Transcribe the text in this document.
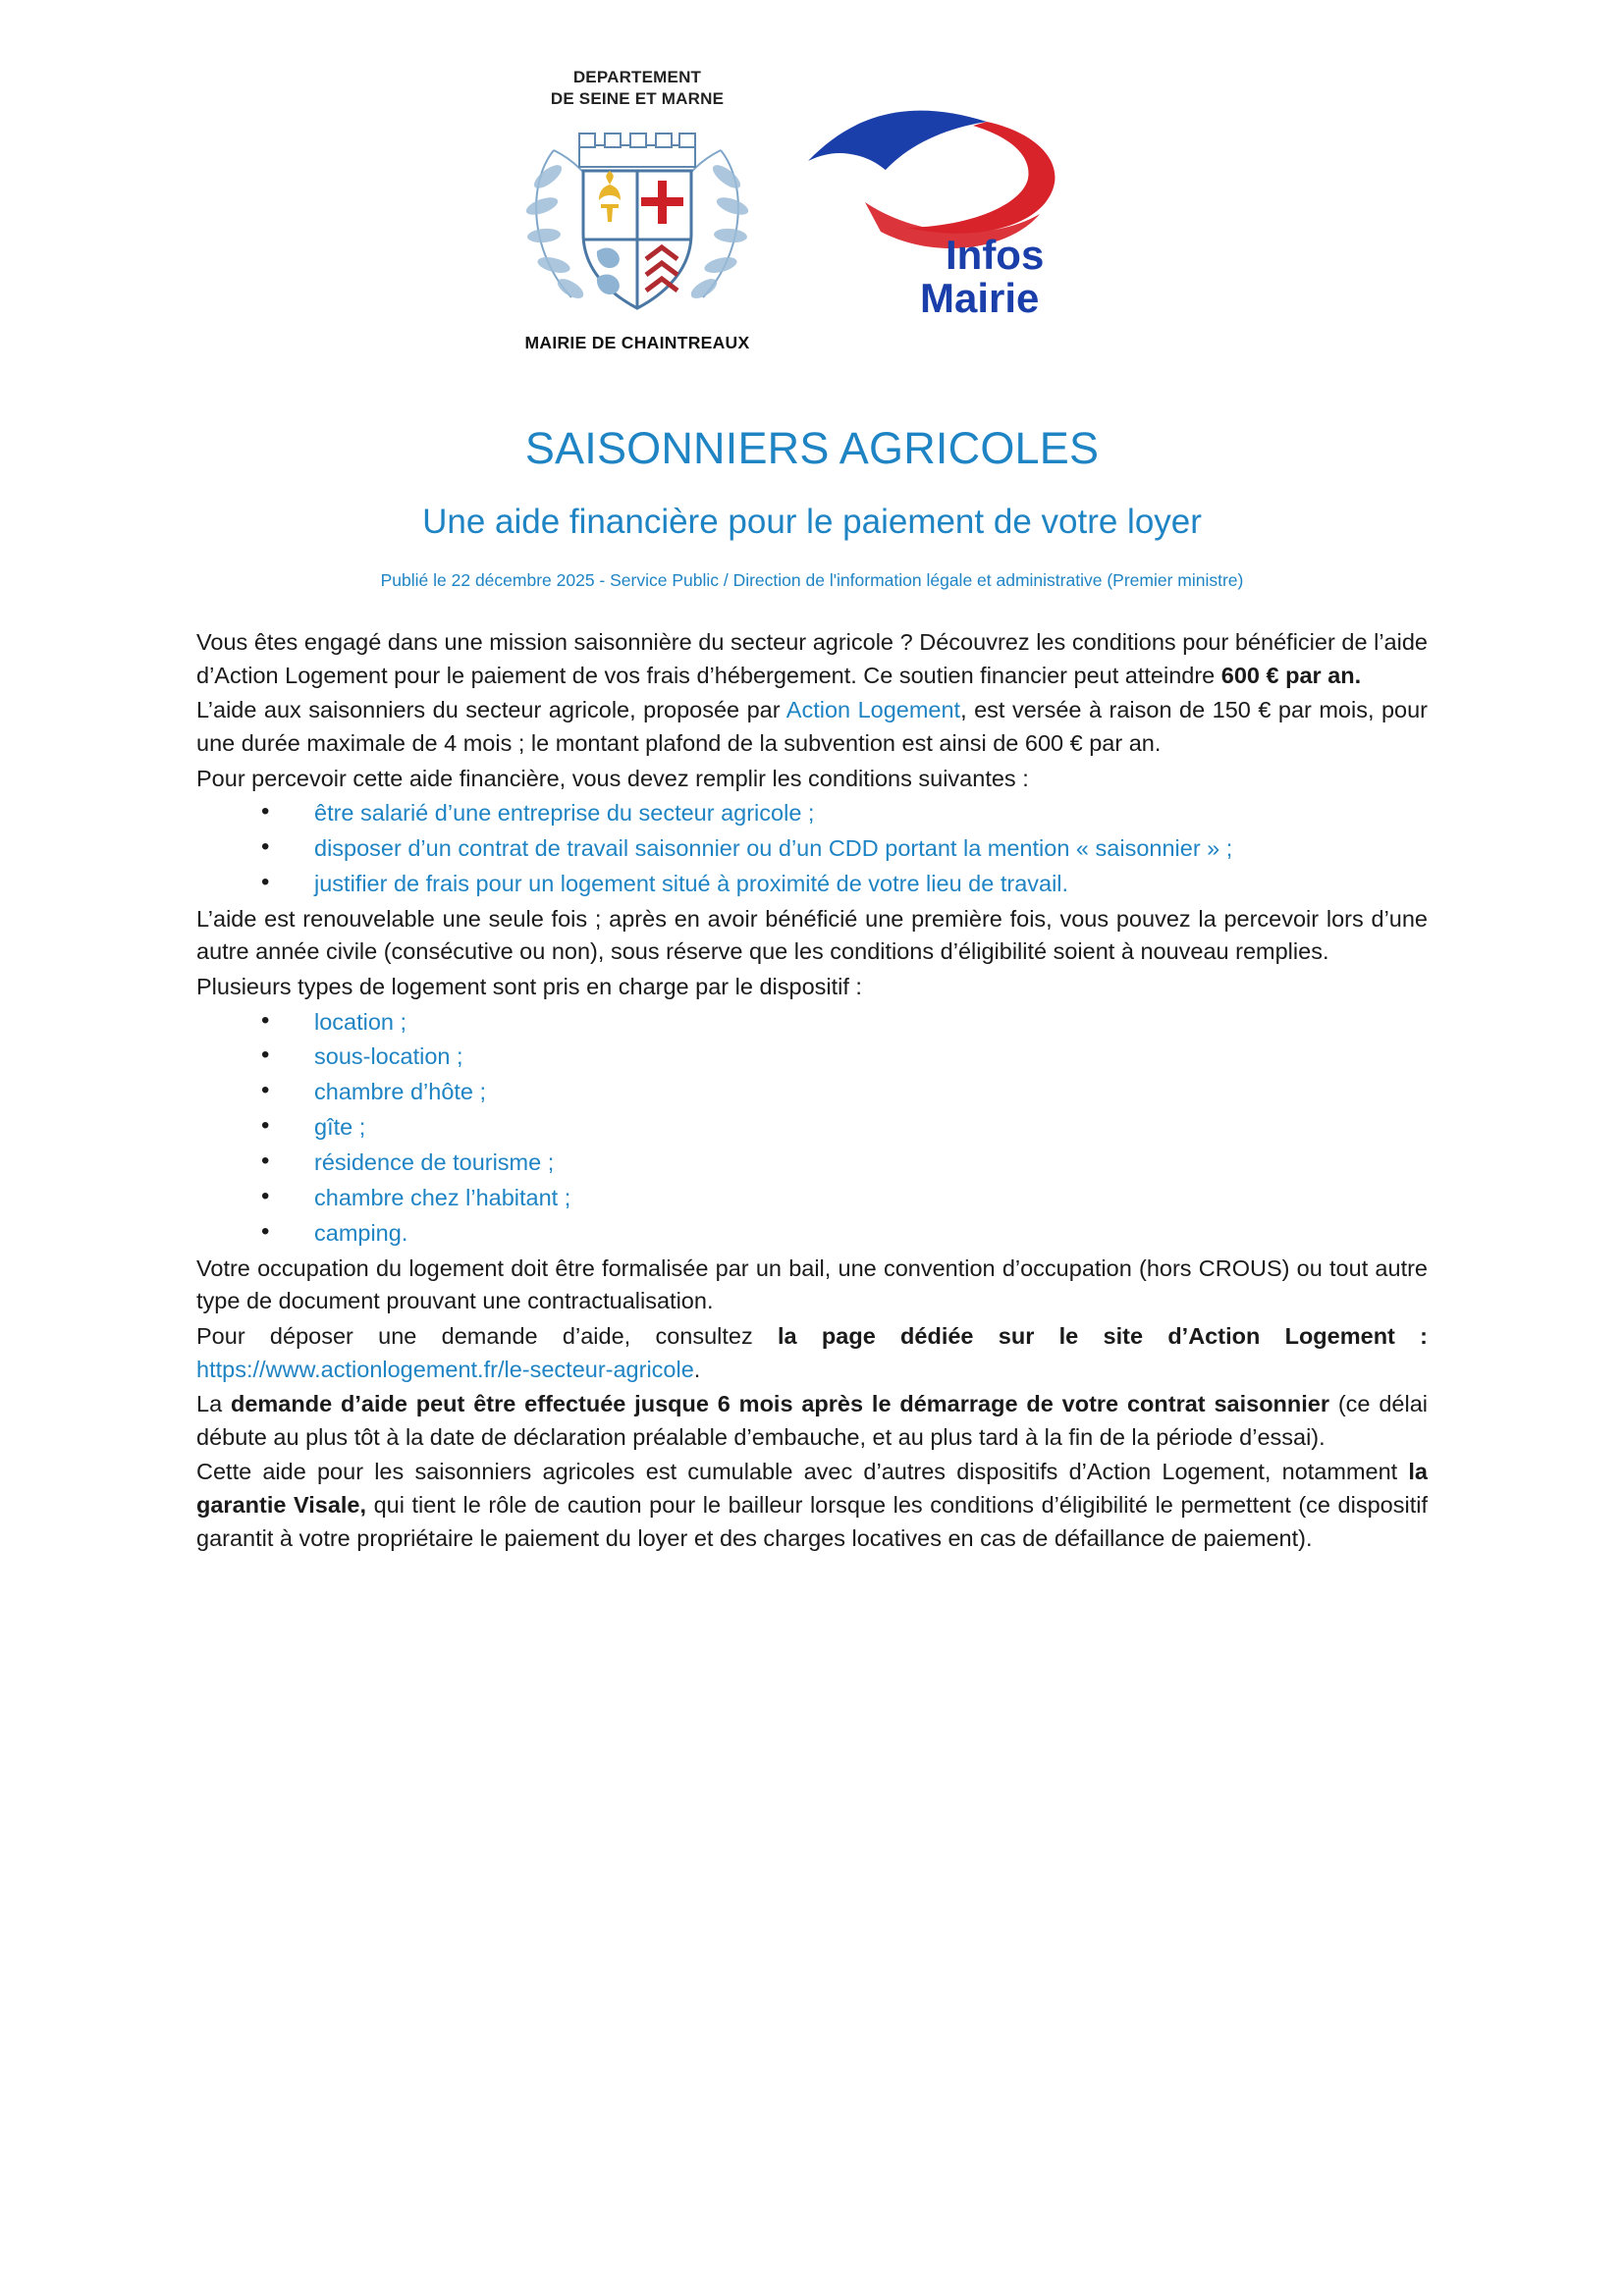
DEPARTEMENT
DE SEINE ET MARNE
MAIRIE DE CHAINTREAUX
Infos
Mairie
SAISONNIERS AGRICOLES
Une aide financière pour le paiement de votre loyer
Publié le 22 décembre 2025 - Service Public / Direction de l'information légale et administrative (Premier ministre)

Vous êtes engagé dans une mission saisonnière du secteur agricole ? Découvrez les conditions pour bénéficier de l’aide d’Action Logement pour le paiement de vos frais d’hébergement. Ce soutien financier peut atteindre 600 € par an.

L’aide aux saisonniers du secteur agricole, proposée par Action Logement, est versée à raison de 150 € par mois, pour une durée maximale de 4 mois ; le montant plafond de la subvention est ainsi de 600 € par an.

Pour percevoir cette aide financière, vous devez remplir les conditions suivantes :

• être salarié d’une entreprise du secteur agricole ;
• disposer d’un contrat de travail saisonnier ou d’un CDD portant la mention « saisonnier » ;
• justifier de frais pour un logement situé à proximité de votre lieu de travail.

L’aide est renouvelable une seule fois ; après en avoir bénéficié une première fois, vous pouvez la percevoir lors d’une autre année civile (consécutive ou non), sous réserve que les conditions d’éligibilité soient à nouveau remplies.

Plusieurs types de logement sont pris en charge par le dispositif :

• location ;
• sous-location ;
• chambre d’hôte ;
• gîte ;
• résidence de tourisme ;
• chambre chez l’habitant ;
• camping.

Votre occupation du logement doit être formalisée par un bail, une convention d’occupation (hors CROUS) ou tout autre type de document prouvant une contractualisation.

Pour déposer une demande d’aide, consultez la page dédiée sur le site d’Action Logement : https://www.actionlogement.fr/le-secteur-agricole.

La demande d’aide peut être effectuée jusque 6 mois après le démarrage de votre contrat saisonnier (ce délai débute au plus tôt à la date de déclaration préalable d’embauche, et au plus tard à la fin de la période d’essai).

Cette aide pour les saisonniers agricoles est cumulable avec d’autres dispositifs d’Action Logement, notamment la garantie Visale, qui tient le rôle de caution pour le bailleur lorsque les conditions d’éligibilité le permettent (ce dispositif garantit à votre propriétaire le paiement du loyer et des charges locatives en cas de défaillance de paiement).
